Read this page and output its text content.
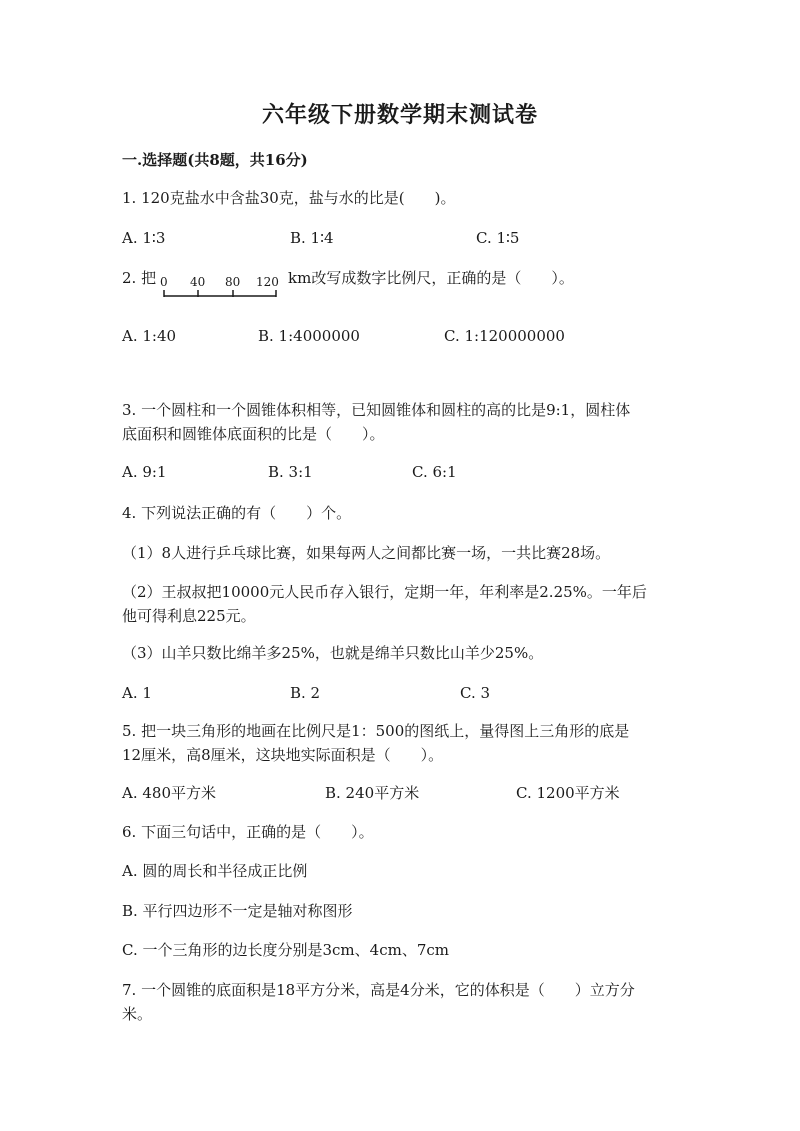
六年级下册数学期末测试卷
一.选择题(共8题，共16分)
1. 120克盐水中含盐30克，盐与水的比是(　　)。
A. 1∶3	B. 1∶4	C. 1∶5
2. 把 0 40 80 120 km改写成数字比例尺，正确的是（　　）。
A. 1:40	B. 1:4000000	C. 1:120000000
3. 一个圆柱和一个圆锥体积相等，已知圆锥体和圆柱的高的比是9:1，圆柱体
底面积和圆锥体底面积的比是（　　）。
A. 9:1	B. 3:1	C. 6:1
4. 下列说法正确的有（　　）个。
（1）8人进行乒乓球比赛，如果每两人之间都比赛一场，一共比赛28场。
（2）王叔叔把10000元人民币存入银行，定期一年，年利率是2.25%。一年后
他可得利息225元。
（3）山羊只数比绵羊多25%，也就是绵羊只数比山羊少25%。
A. 1	B. 2	C. 3
5. 把一块三角形的地画在比例尺是1：500的图纸上，量得图上三角形的底是
12厘米，高8厘米，这块地实际面积是（　　）。
A. 480平方米	B. 240平方米	C. 1200平方米
6. 下面三句话中，正确的是（　　）。
A. 圆的周长和半径成正比例
B. 平行四边形不一定是轴对称图形
C. 一个三角形的边长度分别是3cm、4cm、7cm
7. 一个圆锥的底面积是18平方分米，高是4分米，它的体积是（　　）立方分
米。
